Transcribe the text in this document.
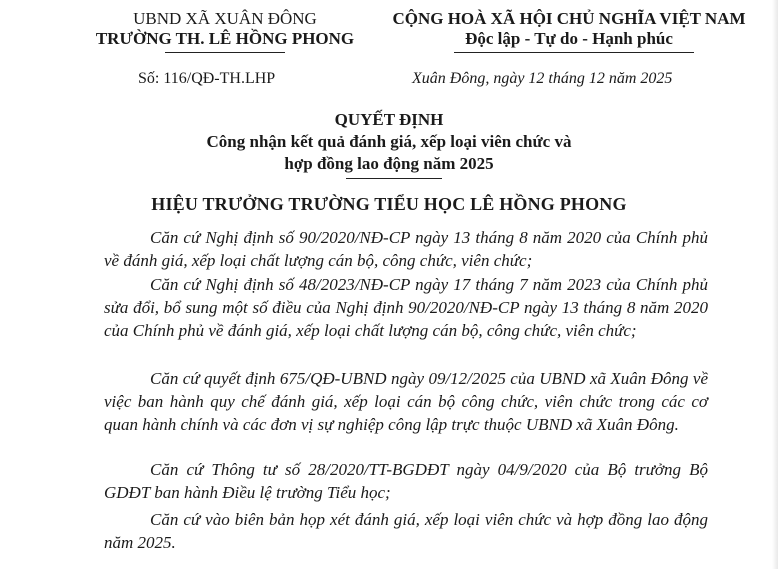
UBND XÃ XUÂN ĐÔNG
TRƯỜNG TH. LÊ HỒNG PHONG
CỘNG HOÀ XÃ HỘI CHỦ NGHĨA VIỆT NAM
Độc lập - Tự do - Hạnh phúc
Số: 116/QĐ-TH.LHP	Xuân Đông, ngày 12 tháng 12 năm 2025
QUYẾT ĐỊNH
Công nhận kết quả đánh giá, xếp loại viên chức và
hợp đồng lao động năm 2025
HIỆU TRƯỞNG TRƯỜNG TIỂU HỌC LÊ HỒNG PHONG
Căn cứ Nghị định số 90/2020/NĐ-CP ngày 13 tháng 8 năm 2020 của Chính phủ về đánh giá, xếp loại chất lượng cán bộ, công chức, viên chức;
Căn cứ Nghị định số 48/2023/NĐ-CP ngày 17 tháng 7 năm 2023 của Chính phủ sửa đổi, bổ sung một số điều của Nghị định 90/2020/NĐ-CP ngày 13 tháng 8 năm 2020 của Chính phủ về đánh giá, xếp loại chất lượng cán bộ, công chức, viên chức;
Căn cứ quyết định 675/QĐ-UBND ngày 09/12/2025 của UBND xã Xuân Đông về việc ban hành quy chế đánh giá, xếp loại cán bộ công chức, viên chức trong các cơ quan hành chính và các đơn vị sự nghiệp công lập trực thuộc UBND xã Xuân Đông.
Căn cứ Thông tư số 28/2020/TT-BGDĐT ngày 04/9/2020 của Bộ trưởng Bộ GDĐT ban hành Điều lệ trường Tiểu học;
Căn cứ vào biên bản họp xét đánh giá, xếp loại viên chức và hợp đồng lao động năm 2025.
